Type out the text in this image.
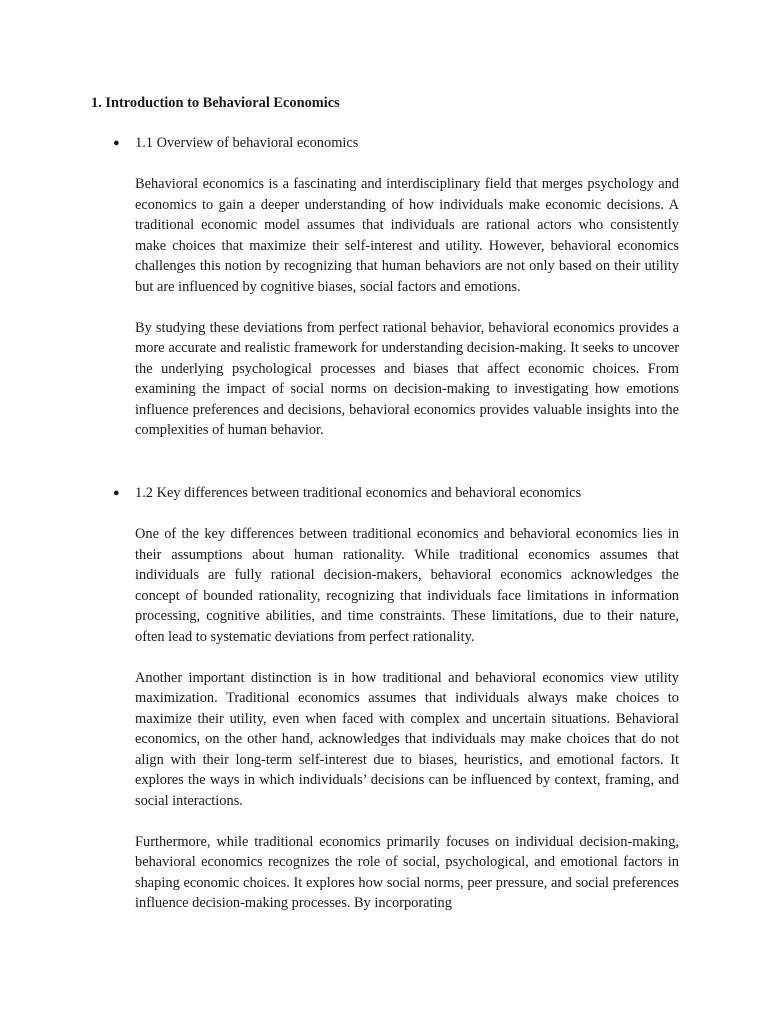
1. Introduction to Behavioral Economics
● 1.1 Overview of behavioral economics

Behavioral economics is a fascinating and interdisciplinary field that merges psychology and economics to gain a deeper understanding of how individuals make economic decisions. A traditional economic model assumes that individuals are rational actors who consistently make choices that maximize their self-interest and utility. However, behavioral economics challenges this notion by recognizing that human behaviors are not only based on their utility but are influenced by cognitive biases, social factors and emotions.

By studying these deviations from perfect rational behavior, behavioral economics provides a more accurate and realistic framework for understanding decision-making. It seeks to uncover the underlying psychological processes and biases that affect economic choices. From examining the impact of social norms on decision-making to investigating how emotions influence preferences and decisions, behavioral economics provides valuable insights into the complexities of human behavior.

● 1.2 Key differences between traditional economics and behavioral economics

One of the key differences between traditional economics and behavioral economics lies in their assumptions about human rationality. While traditional economics assumes that individuals are fully rational decision-makers, behavioral economics acknowledges the concept of bounded rationality, recognizing that individuals face limitations in information processing, cognitive abilities, and time constraints. These limitations, due to their nature, often lead to systematic deviations from perfect rationality.

Another important distinction is in how traditional and behavioral economics view utility maximization. Traditional economics assumes that individuals always make choices to maximize their utility, even when faced with complex and uncertain situations. Behavioral economics, on the other hand, acknowledges that individuals may make choices that do not align with their long-term self-interest due to biases, heuristics, and emotional factors. It explores the ways in which individuals’ decisions can be influenced by context, framing, and social interactions.

Furthermore, while traditional economics primarily focuses on individual decision-making, behavioral economics recognizes the role of social, psychological, and emotional factors in shaping economic choices. It explores how social norms, peer pressure, and social preferences influence decision-making processes. By incorporating
